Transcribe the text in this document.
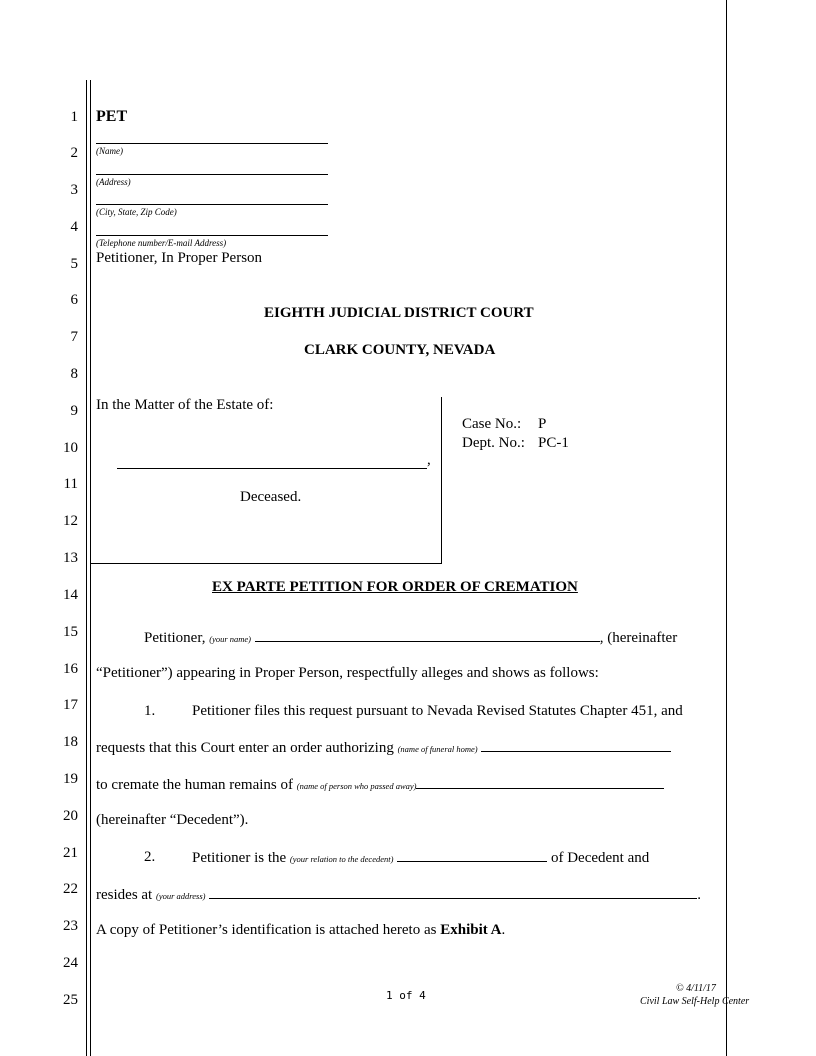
1
2
3
4
5
6
7
8
9
10
11
12
13
14
15
16
17
18
19
20
21
22
23
24
25
PET
(Name)
(Address)
(City, State, Zip Code)
(Telephone number/E-mail Address)
Petitioner, In Proper Person
EIGHTH JUDICIAL DISTRICT COURT
CLARK COUNTY, NEVADA
In the Matter of the Estate of:
,
Deceased.
Case No.: P
Dept. No.: PC-1
EX PARTE PETITION FOR ORDER OF CREMATION
Petitioner, (your name)	, (hereinafter
“Petitioner”) appearing in Proper Person, respectfully alleges and shows as follows:
1. Petitioner files this request pursuant to Nevada Revised Statutes Chapter 451, and
requests that this Court enter an order authorizing (name of funeral home)
to cremate the human remains of (name of person who passed away)
(hereinafter “Decedent”).
2. Petitioner is the (your relation to the decedent)	of Decedent and
resides at (your address)	.
A copy of Petitioner’s identification is attached hereto as Exhibit A.
1 of 4
© 4/11/17
Civil Law Self-Help Center
